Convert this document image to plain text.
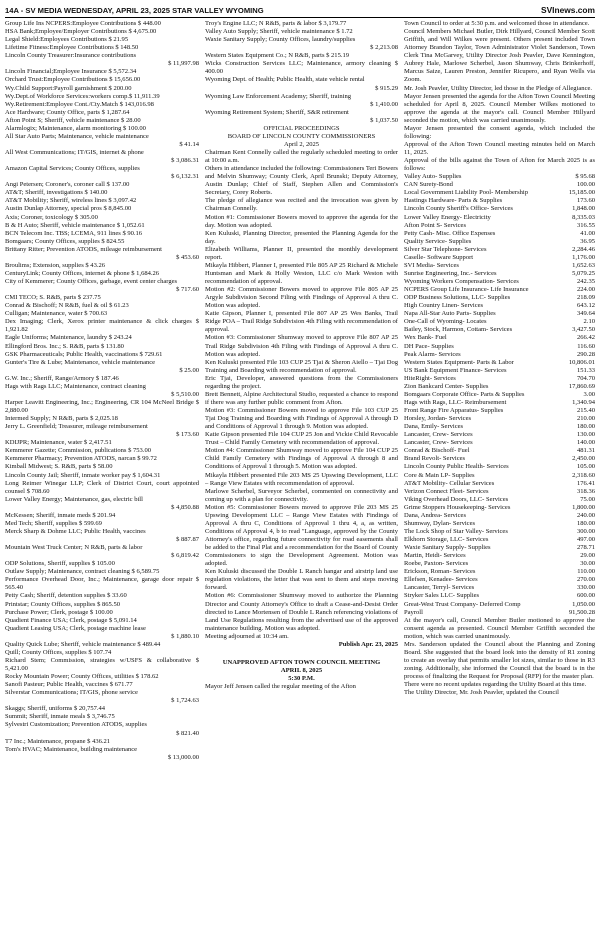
14A - SV MEDIA WEDNESDAY, APRIL 23, 2025 STAR VALLEY WYOMING	SVInews.com
Group Life Ins NCPERS:Employee Contributions $ 448.00
HSA Bank;Employee/Employer Contributions $ 4,675.00
Legal Shield:Employees Contributions $ 21.95
Lifetime Fitness:Employee Contributions $ 148.50
Lincoln County Treasurer:Insurance contributions
$ 11,997.98
Lincoln Financial;Employee Insurance $ 5,572.34
Orchard Trust:Employee Contributions $ 15,656.00
Wy.Child Support:Payroll garnishment $ 200.00
Wy.Dept.of Workforce Services:workers comp.$ 11,911.39
Wy.Retirement:Employee Cont./Cty.Match $ 143,016.98
Ace Hardware; County Office, parts $ 1,287.64
Afton Point S; Sheriff, vehicle maintenance $ 28.00
Alarmlogix; Maintenance, alarm monitoring $ 100.00
All Star Auto Parts; Maintenance, vehicle maintenance
$ 41.14
All West Communications; IT/GIS, internet & phone
$ 3,086.31
Amazon Capital Services; County Offices, supplies
$ 6,132.31
Angi Petersen; Coroner's, coroner call $ 137.00
AT&T; Sheriff, investigations $ 140.00
AT&T Mobility; Sheriff, wireless lines $ 3,097.42
Austin Dunlap Attorney, special pros $ 8,845.00
Axis; Coroner, toxicology $ 305.00
B & H Auto; Sheriff, vehicle maintenance $ 1,052.61
BCN Telecom Inc. TBS; LCEMA, 911 lines $ 90.16
Bomgaars; County Offices, supplies $ 824.55
Brittany Ritter; Prevention ATODS, mileage reimbursement
$ 453.60
Broulims; Extension, supplies $ 43.26
CenturyLink; County Offices, internet & phone $ 1,684.26
City of Kemmerer; County Offices, garbage, event center charges
$ 717.60
CMI TECO; S. R&B, parts $ 237.75
Conrad & Bischoff; N R&B, fuel & oil $ 61.23
Culligan; Maintenance, water $ 700.63
Dex Imaging; Clerk, Xerox printer maintenance & click charges $ 1,921.82
Eagle Uniforms; Maintenance, laundry $ 243.24
Ellingford Bros. Inc.; S. R&B, parts $ 131.80
GSK Pharmaceuticals; Public Health, vaccinations $ 729.61
Gunter's Tire & Lube; Maintenance, vehicle maintenance
$ 25.00
G.W. Inc.; Sheriff, Range/Armory $ 187.46
Hags with Rags LLC; Maintenance, contract cleaning
$ 5,510.00
Harper Leavitt Engineering, Inc.; Engineering, CR 104 McNeel Bridge $ 2,880.00
Intermed Supply; N R&B, parts $ 2,025.18
Jerry L. Greenfield; Treasurer, mileage reimbursement
$ 173.60
KDIJPR; Maintenance, water $ 2,417.51
Kemmerer Gazette; Commission, publications $ 753.00
Kemmerer Pharmacy; Prevention ATODS, narcan $ 99.72
Kimball Midwest; S. R&B, parts $ 58.00
Lincoln County Jail; Sheriff, inmate worker pay $ 1,604.31
Long Reimer Winegar LLP; Clerk of District Court, court appointed counsel $ 708.60
Lower Valley Energy; Maintenance, gas, electric bill
$ 4,850.88
McKessen; Sheriff, inmate meds $ 201.94
Med Tech; Sheriff, supplies $ 599.69
Merck Sharp & Dohme LLC; Public Health, vaccines
$ 887.87
Mountain West Truck Center; N R&B, parts & labor
$ 6,819.42
ODP Solutions, Sheriff, supplies $ 105.00
Outlaw Supply; Maintenance, contract cleaning $ 6,589.75
Performance Overhead Door, Inc.; Maintenance, garage door repair $ 565.40
Petty Cash; Sheriff, detention supplies $ 33.60
Printstar; County Offices, supplies $ 865.50
Purchase Power; Clerk, postage $ 100.00
Quadient Finance USA; Clerk, postage $ 5,091.14
Quadient Leasing USA; Clerk, postage machine lease
$ 1,880.10
Quality Quick Lube; Sheriff, vehicle maintenance $ 489.44
Quill; County Offices, supplies $ 107.74
Richard Stem; Commission, strategies w/USFS & collaborative $ 5,421.00
Rocky Mountain Power; County Offices, utilities $ 178.62
Sanofi Pasteur; Public Health, vaccines $ 671.77
Silverstar Communications; IT/GIS, phone service
$ 1,724.63
Skaggs; Sheriff, uniforms $ 20,757.44
Summit; Sheriff, inmate meals $ 3,746.75
Sylvestri Customization; Prevention ATODS, supplies
$ 821.40
T7 Inc.; Maintenance, propane $ 436.21
Tom's HVAC; Maintenance, building maintenance
$ 13,000.00
Troy's Engine LLC; N R&B, parts & labor $ 3,179.77
Valley Auto Supply; Sheriff, vehicle maintenance $ 1.72
Waxie Sanitary Supply; County Offices, laundry/supplies
$ 2,213.08
Western States Equipment Co.; N R&B, parts $ 215.19
Wicks Construction Services LLC; Maintenance, armory cleaning $ 400.00
Wyoming Dept. of Health; Public Health, state vehicle rental
$ 915.29
Wyoming Law Enforcement Academy; Sheriff, training
$ 1,410.00
Wyoming Retirement System; Sheriff, S&R retirement
$ 1,037.50
OFFICIAL PROCEEDINGS
BOARD OF LINCOLN COUNTY COMMISSIONERS
April 2, 2025
Chairman Kent Connelly called the regularly scheduled meeting to order at 10:00 a.m.
Others in attendance included the following: Commissioners Teri Bowers and Melvin Shumway; County Clerk, April Brunski; Deputy Attorney, Austin Dunlap; Chief of Staff, Stephen Allen and Commission's Secretary, Corey Roberts.
The pledge of allegiance was recited and the invocation was given by Chairman Connelly.
Motion #1: Commissioner Bowers moved to approve the agenda for the day. Motion was adopted.
Ken Kuluski, Planning Director, presented the Planning Agenda for the day.
Elizabeth Williams, Planner II, presented the monthly development report.
Mikayla Hibbert, Planner I, presented File 805 AP 25 Richard & Michele Huntsman and Mark & Holly Weston, LLC c/o Mark Weston with recommendation of approval.
Motion #2: Commissioner Bowers moved to approve File 805 AP 25 Argyle Subdivision Second Filing with Findings of Approval A thru C. Motion was adopted.
Katie Gipson, Planner I, presented File 807 AP 25 Wes Banks, Trail Ridge POA – Trail Ridge Subdivision 4th Filing with recommendation of approval.
Motion #3: Commissioner Shumway moved to approve File 807 AP 25 Trail Ridge Subdivision 4th Filing with Findings of Approval A thru C. Motion was adopted.
Ken Kuluski presented File 103 CUP 25 Tjai & Sheron Aiello – Tjai Dog Training and Boarding with recommendation of approval.
Eric Tjai, Developer, answered questions from the Commissioners regarding the project.
Brett Bennett, Alpine Architectural Studio, requested a chance to respond if there was any further public comment from Afton.
Motion #3: Commissioner Bowers moved to approve File 103 CUP 25 Tjai Dog Training and Boarding with Findings of Approval A through D and Conditions of Approval 1 through 9. Motion was adopted.
Katie Gipson presented File 104 CUP 25 Jon and Vickie Child Revocable Trust – Child Family Cemetery with recommendation of approval.
Motion #4: Commissioner Shumway moved to approve File 104 CUP 25 Child Family Cemetery with Findings of Approval A through 8 and Conditions of Approval 1 through 5. Motion was adopted.
Mikayla Hibbert presented File 203 MS 25 Upswing Development, LLC – Range View Estates with recommendation of approval.
Marlowe Scherbel, Surveyor Scherbel, commented on connectivity and coming up with a plan for connectivity.
Motion #5: Commissioner Bowers moved to approve File 203 MS 25 Upswing Development LLC – Range View Estates with Findings of Approval A thru C, Conditions of Approval 1 thru 4, a, as written, Conditions of Approval 4, b to read "Language, approved by the County Attorney's office, regarding future connectivity for road easements shall be added to the Final Plat and a recommendation for the Board of County Commissioners to sign the Development Agreement. Motion was adopted.
Ken Kuluski discussed the Double L Ranch hangar and airstrip land use regulation violations, the letter that was sent to them and steps moving forward.
Motion #6: Commissioner Shumway moved to authorize the Planning Director and County Attorney's Office to draft a Cease-and-Desist Order directed to Lance Mortensen of Double L Ranch referencing violations of Land Use Regulations resulting from the advertised use of the approved maintenance building. Motion was adopted.
Meeting adjourned at 10:34 am.
Publish Apr. 23, 2025
UNAPPROVED AFTON TOWN COUNCIL MEETING
APRIL 8, 2025
5:30 P.M.
Mayor Jeff Jensen called the regular meeting of the Afton
Town Council to order at 5:30 p.m. and welcomed those in attendance.
Council Members Michael Butler, Dirk Hillyard, Council Member Scott Griffith, and Will Wilkes were present. Others present included Town Attorney Brandon Taylor, Town Administrator Violet Sanderson, Town Clerk Tina McGarvey, Utility Director Josh Peavler, Dave Kennington, Aubrey Hale, Marlowe Scherbel, Jason Shumway, Chris Brinkerhoff, Marcus Saize, Lauren Preston, Jennifer Ricupero, and Ryan Wells via Zoom.
Mr. Josh Peavler, Utility Director, led those in the Pledge of Allegiance.
Mayor Jensen presented the agenda for the Afton Town Council Meeting scheduled for April 8, 2025. Council Member Wilkes motioned to approve the agenda at the mayor's call. Council Member Hillyard seconded the motion, which was carried unanimously.
Mayor Jensen presented the consent agenda, which included the following:
Approval of the Afton Town Council meeting minutes held on March 11, 2025.
Approval of the bills against the Town of Afton for March 2025 is as follows:
Valley Auto- Supplies	$ 95.68
CAN Surety-Bond	100.00
Local Government Liability Pool- Membership	15,185.00
Hastings Hardware- Parts & Supplies	173.60
Lincoln County Sheriff's Office- Services	1,848.00
Lower Valley Energy- Electricity	8,335.03
Afton Point S- Services	316.55
Petty Cash- Misc. Office Expenses	41.00
Quality Service- Supplies	36.95
Silver Star Telephone- Services	2,284.46
Caselle- Software Support	1,176.00
SVI Media- Services	1,652.63
Sunrise Engineering, Inc.- Services	5,079.25
Wyoming Workers Compensation- Services	242.35
NCPERS Group Life Insurance- Life Insurance	224.00
ODP Business Solutions, LLC- Supplies	218.09
High Country Linen- Services	643.12
Napa All-Star Auto Parts- Supplies	349.64
One-Call of Wyoming- Locates	2.10
Bailey, Stock, Harmon, Cottam- Services	3,427.50
Wex Bank- Fuel	266.42
DH Pace- Supplies	116.60
Peak Alarm- Services	290.28
Western States Equipment- Parts & Labor	10,806.01
US Bank Equipment Finance- Services	151.33
HiteRight- Services	704.70
Zion Bankcard Center- Supplies	17,860.69
Bomgaars Corporate Office- Parts & Supplies	3.00
Hags with Rags, LLC- Reimbursement	1,340.94
Front Range Fire Apparatus- Supplies	215.40
Horsley, Jordan- Services	210.00
Dana, Emily- Services	180.00
Lancaster, Crew- Services	130.00
Lancaster, Crew- Services	140.00
Conrad & Bischoff- Fuel	481.31
Brand Revolt- Services	2,450.00
Lincoln County Public Health- Services	105.00
Core & Main LP- Supplies	2,318.60
AT&T Mobility- Cellular Services	176.41
Verizon Connect Fleet- Services	318.36
Viking Overhead Doors, LLC- Services	75.00
Grime Stoppers Housekeeping- Services	1,800.00
Dana, Andrea- Services	240.00
Shumway, Dylan- Services	180.00
The Lock Shop of Star Valley- Services	300.00
Elkhorn Storage, LLC- Services	497.00
Waxie Sanitary Supply- Supplies	278.71
Martin, Heidi- Services	29.00
Roebe, Paxton- Services	30.00
Erickson, Roman- Services	110.00
Ellefsen, Kenadee- Services	270.00
Lancaster, Terryl- Services	330.00
Stryker Sales LLC- Supplies	600.00
Great-West Trust Company- Deferred Comp	1,050.00
Payroll	91,500.28
At the mayor's call, Council Member Butler motioned to approve the consent agenda as presented. Council Member Griffith seconded the motion, which was carried unanimously.
Mrs. Sanderson updated the Council about the Planning and Zoning Board. She suggested that the board look into the density of R1 zoning to create an overlay that permits smaller lot sizes, similar to those in R3 zoning. Additionally, she informed the Council that the board is in the process of finalizing the Request for Proposal (RFP) for the master plan.
There were no recent updates regarding the Utility Board at this time.
The Utility Director, Mr. Josh Peavler, updated the Council
